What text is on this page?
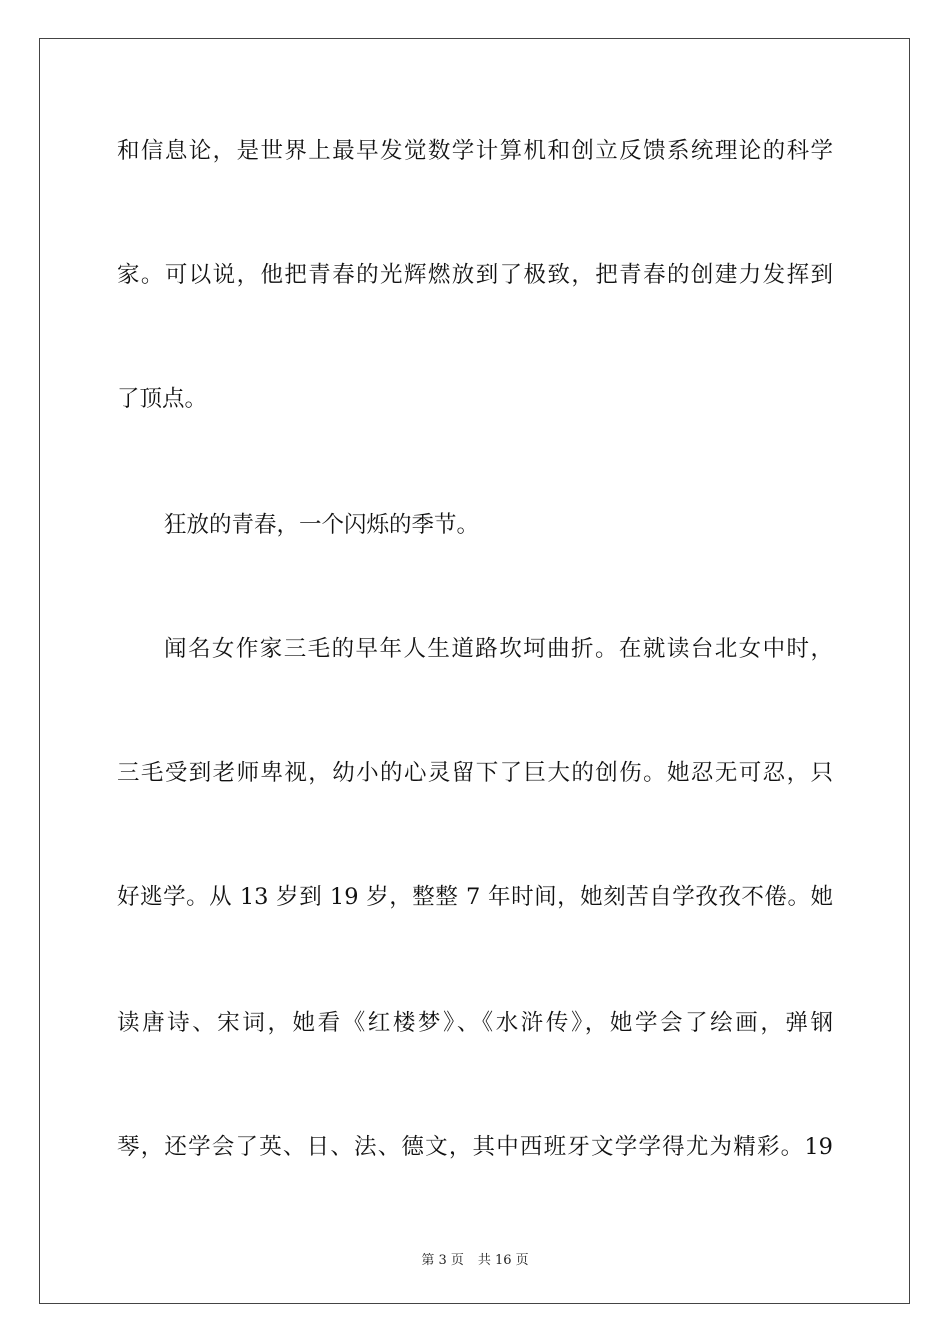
和信息论，是世界上最早发觉数学计算机和创立反馈系统理论的科学
家。可以说，他把青春的光辉燃放到了极致，把青春的创建力发挥到
了顶点。
狂放的青春，一个闪烁的季节。
闻名女作家三毛的早年人生道路坎坷曲折。在就读台北女中时，
三毛受到老师卑视，幼小的心灵留下了巨大的创伤。她忍无可忍，只
好逃学。从 13 岁到 19 岁，整整 7 年时间，她刻苦自学孜孜不倦。她
读唐诗、宋词，她看《红楼梦》、《水浒传》，她学会了绘画，弹钢
琴，还学会了英、日、法、德文，其中西班牙文学学得尤为精彩。19
第 3 页 共 16 页
